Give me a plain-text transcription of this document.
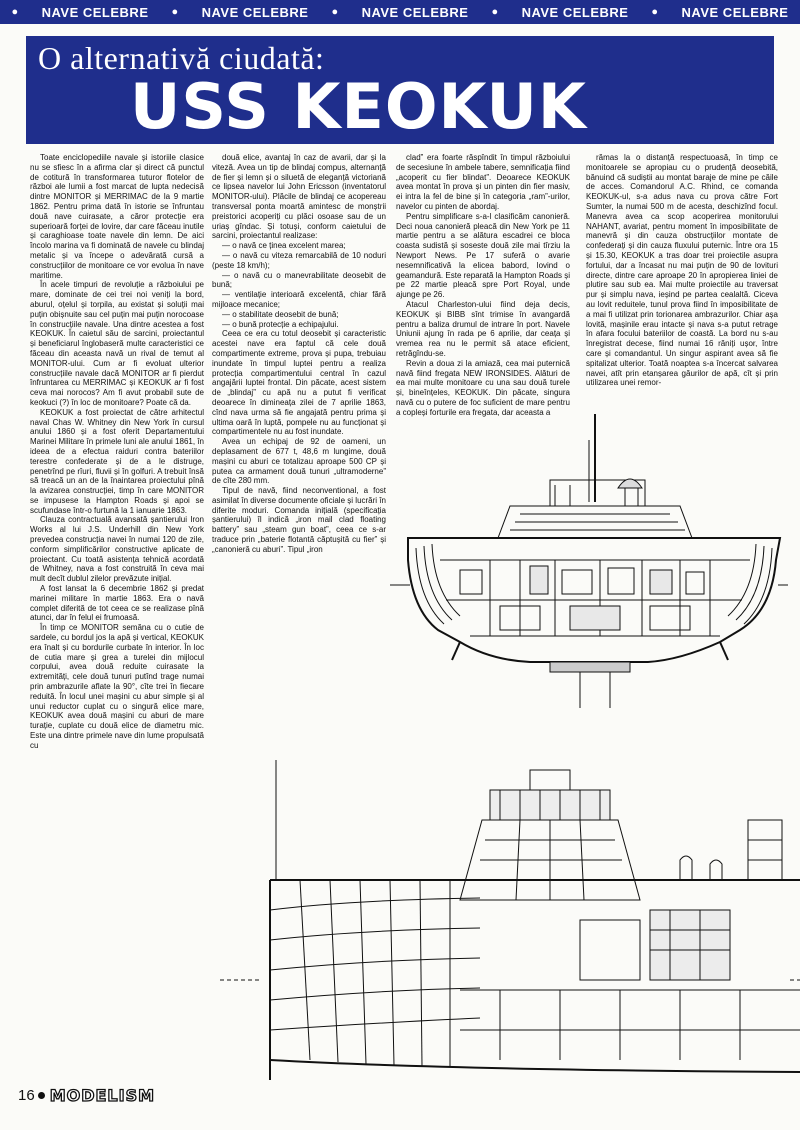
● NAVE CELEBRE ● NAVE CELEBRE ● NAVE CELEBRE ● NAVE CELEBRE ● NAVE CELEBRE
O alternativă ciudată:
USS KEOKUK

Toate enciclopediile navale și istoriile clasice nu se sfiesc în a afirma clar și direct că punctul de cotitură în transformarea tuturor flotelor de război ale lumii a fost marcat de lupta nedecisă dintre MONITOR și MERRIMAC de la 9 martie 1862. Pentru prima dată în istorie se înfruntau două nave cuirasate, a căror protecție era superioară forței de lovire, dar care făceau inutile și caraghioase toate navele din lemn. De aici încolo marina va fi dominată de navele cu blindaj metalic și va începe o adevărată cursă a construcțiilor de monitoare ce vor evolua în nave maritime.

În acele timpuri de revoluție a războiului pe mare, dominate de cei trei noi veniți la bord, aburul, oțelul și torpila, au existat și soluții mai puțin obișnuite sau cel puțin mai puțin norocoase în construcțiile navale. Una dintre acestea a fost KEOKUK. În caietul său de sarcini, proiectantul și beneficiarul înglobaseră multe caracteristici ce făceau din aceasta navă un rival de temut al MONITOR-ului. Cum ar fi evoluat ulterior construcțiile navale dacă MONITOR ar fi pierdut înfruntarea cu MERRIMAC și KEOKUK ar fi fost ceva mai norocos? Am fi avut probabil sute de keokuci (?) în loc de monitoare? Poate că da.

KEOKUK a fost proiectat de către arhitectul naval Chas W. Whitney din New York în cursul anului 1860 și a fost oferit Departamentului Marinei Militare în primele luni ale anului 1861, în ideea de a efectua raiduri contra bateriilor terestre confederate și de a le distruge, penetrînd pe rîuri, fluvii și în golfuri. A trebuit însă să treacă un an de la înaintarea proiectului pînă la avizarea construcției, timp în care MONITOR se impusese la Hampton Roads și apoi se scufundase într-o furtună la 1 ianuarie 1863.

Clauza contractuală avansată șantierului Iron Works al lui J.S. Underhill din New York prevedea construcția navei în numai 120 de zile, conform simplificărilor constructive aplicate de proiectant. Cu toată asistența tehnică acordată de Whitney, nava a fost construită în ceva mai mult decît dublul zilelor prevăzute inițial.

A fost lansat la 6 decembrie 1862 și predat marinei militare în martie 1863. Era o navă complet diferită de tot ceea ce se realizase pînă atunci, dar în felul ei frumoasă.

În timp ce MONITOR semăna cu o cutie de sardele, cu bordul jos la apă și vertical, KEOKUK era înalt și cu bordurile curbate în interior. În loc de cutia mare și grea a turelei din mijlocul corpului, avea două reduite cuirasate la extremități, cele două tunuri putînd trage numai prin ambrazurile aflate la 90°, cîte trei în fiecare reduită. În locul unei mașini cu abur simple și al unui reductor cuplat cu o singură elice mare, KEOKUK avea două mașini cu aburi de mare turație, cuplate cu două elice de diametru mic. Este una dintre primele nave din lume propulsată cu

două elice, avantaj în caz de avarii, dar și la viteză. Avea un tip de blindaj compus, alternanță de fier și lemn și o siluetă de eleganță victoriană ce lipsea navelor lui John Ericsson (inventatorul MONITOR-ului). Plăcile de blindaj ce acopereau transversal ponta moartă amintesc de monștrii preistorici acoperiți cu plăci osoase sau de un uriaș gîndac. Și totuși, conform caietului de sarcini, proiectantul realizase:

— o navă ce ținea excelent marea;

— o navă cu viteza remarcabilă de 10 noduri (peste 18 km/h);

— o navă cu o manevrabilitate deosebit de bună;

— ventilație interioară excelentă, chiar fără mijloace mecanice;

— o stabilitate deosebit de bună;

— o bună protecție a echipajului.

Ceea ce era cu totul deosebit și caracteristic acestei nave era faptul că cele două compartimente extreme, prova și pupa, trebuiau inundate în timpul luptei pentru a realiza protecția compartimentului central în cazul angajării luptei frontal. Din păcate, acest sistem de „blindaj” cu apă nu a putut fi verificat deoarece în dimineața zilei de 7 aprilie 1863, cînd nava urma să fie angajată pentru prima și ultima oară în luptă, pompele nu au funcționat și compartimentele nu au fost inundate.

Avea un echipaj de 92 de oameni, un deplasament de 677 t, 48,6 m lungime, două mașini cu aburi ce totalizau aproape 500 CP și putea ca armament două tunuri „ultramoderne” de cîte 280 mm.

Tipul de navă, fiind neconventional, a fost asimilat în diverse documente oficiale și lucrări în diferite moduri. Comanda inițială (specificația șantierului) îl indică „iron mail clad floating battery” sau „steam gun boat”, ceea ce s-ar traduce prin „baterie flotantă căptușită cu fier” și „canonieră cu aburi”. Tipul „iron

clad” era foarte răspîndit în timpul războiului de secesiune în ambele tabere, semnificația fiind „acoperit cu fier blindat”. Deoarece KEOKUK avea montat în prova și un pinten din fier masiv, ei intra la fel de bine și în categoria „ram”-urilor, navelor cu pinten de abordaj.

Pentru simplificare s-a-l clasificăm canonieră. Deci noua canonieră pleacă din New York pe 11 martie pentru a se alătura escadrei ce bloca coasta sudistă și soseste două zile mai tîrziu la Newport News. Pe 17 suferă o avarie nesemnificativă la elicea babord, lovind o geamandură. Este reparată la Hampton Roads și pe 22 martie pleacă spre Port Royal, unde ajunge pe 26.

Atacul Charleston-ului fiind deja decis, KEOKUK și BIBB sînt trimise în avangardă pentru a baliza drumul de intrare în port. Navele Uniunii ajung în rada pe 6 aprilie, dar ceața și vremea rea nu le permit să atace eficient, retrăgîndu-se.

Revin a doua zi la amiază, cea mai puternică navă fiind fregata NEW IRONSIDES. Alături de ea mai multe monitoare cu una sau două turele și, bineînțeles, KEOKUK. Din păcate, singura navă cu o putere de foc suficient de mare pentru a copleși forturile era fregata, dar aceasta a

rămas la o distanță respectuoasă, în timp ce monitoarele se apropiau cu o prudență deosebită, bănuind că sudiștii au montat baraje de mine pe căile de acces. Comandorul A.C. Rhind, ce comanda KEOKUK-ul, s-a adus nava cu prova către Fort Sumter, la numai 500 m de acesta, deschizînd focul. Manevra avea ca scop acoperirea monitorului NAHANT, avariat, pentru moment în imposibilitate de manevră și din cauza obstrucțiilor montate de confederați și din cauza fluxului puternic. Între ora 15 și 15.30, KEOKUK a tras doar trei proiectile asupra fortului, dar a încasat nu mai puțin de 90 de lovituri directe, dintre care aproape 20 în apropierea liniei de plutire sau sub ea. Mai multe proiectile au traversat pur și simplu nava, ieșind pe partea cealaltă. Ciceva au lovit reduitele, tunul prova fiind în imposibilitate de a mai fi utilizat prin torionarea ambrazurilor. Chiar așa lovită, mașinile erau intacte și nava s-a putut retrage în afara focului bateriilor de coastă. La bord nu s-au înregistrat decese, fiind numai 16 răniți ușor, între care și comandantul. Un singur aspirant avea să fie spitalizat ulterior. Toată noaptea s-a încercat salvarea navei, atît prin etanșarea găurilor de apă, cît și prin utilizarea unei remor-

16 MODELISM
